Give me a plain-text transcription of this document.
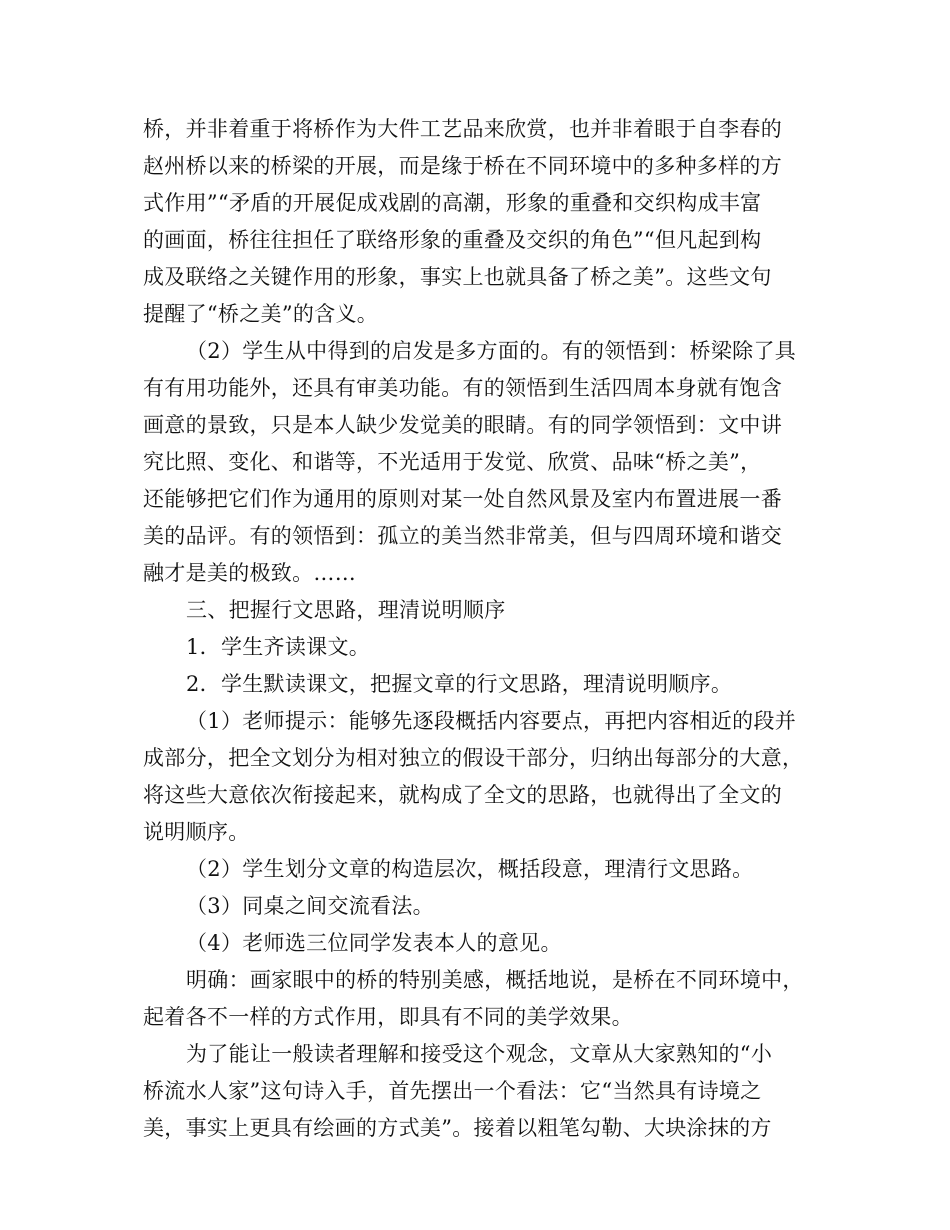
桥，并非着重于将桥作为大件工艺品来欣赏，也并非着眼于自李春的
赵州桥以来的桥梁的开展，而是缘于桥在不同环境中的多种多样的方
式作用”“矛盾的开展促成戏剧的高潮，形象的重叠和交织构成丰富
的画面，桥往往担任了联络形象的重叠及交织的角色”“但凡起到构
成及联络之关键作用的形象，事实上也就具备了桥之美”。这些文句
提醒了“桥之美”的含义。
（2）学生从中得到的启发是多方面的。有的领悟到：桥梁除了具
有有用功能外，还具有审美功能。有的领悟到生活四周本身就有饱含
画意的景致，只是本人缺少发觉美的眼睛。有的同学领悟到：文中讲
究比照、变化、和谐等，不光适用于发觉、欣赏、品味“桥之美”，
还能够把它们作为通用的原则对某一处自然风景及室内布置进展一番
美的品评。有的领悟到：孤立的美当然非常美，但与四周环境和谐交
融才是美的极致。……
三、把握行文思路，理清说明顺序
1．学生齐读课文。
2．学生默读课文，把握文章的行文思路，理清说明顺序。
（1）老师提示：能够先逐段概括内容要点，再把内容相近的段并
成部分，把全文划分为相对独立的假设干部分，归纳出每部分的大意，
将这些大意依次衔接起来，就构成了全文的思路，也就得出了全文的
说明顺序。
（2）学生划分文章的构造层次，概括段意，理清行文思路。
（3）同桌之间交流看法。
（4）老师选三位同学发表本人的意见。
明确：画家眼中的桥的特别美感，概括地说，是桥在不同环境中，
起着各不一样的方式作用，即具有不同的美学效果。
为了能让一般读者理解和接受这个观念，文章从大家熟知的“小
桥流水人家”这句诗入手，首先摆出一个看法：它“当然具有诗境之
美，事实上更具有绘画的方式美”。接着以粗笔勾勒、大块涂抹的方
